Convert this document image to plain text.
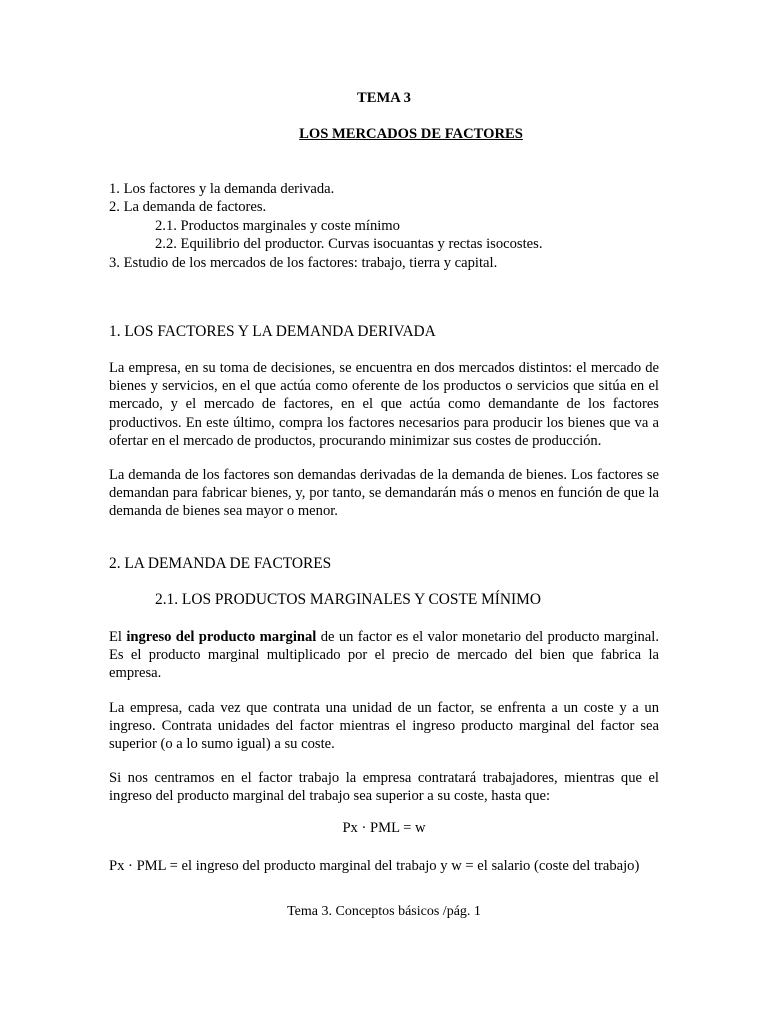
TEMA 3
LOS MERCADOS DE FACTORES
1. Los factores y la demanda derivada.
2. La demanda de factores.
2.1. Productos marginales y coste mínimo
2.2. Equilibrio del productor. Curvas isocuantas y rectas isocostes.
3. Estudio de los mercados de los factores: trabajo, tierra y capital.
1. LOS FACTORES Y LA DEMANDA DERIVADA
La empresa, en su toma de decisiones, se encuentra en dos mercados distintos: el mercado de bienes y servicios, en el que actúa como oferente de los productos o servicios que sitúa en el mercado, y el mercado de factores, en el que actúa como demandante de los factores productivos. En este último, compra los factores necesarios para producir los bienes que va a ofertar en el mercado de productos, procurando minimizar sus costes de producción.
La demanda de los factores son demandas derivadas de la demanda de bienes. Los factores se demandan para fabricar bienes, y, por tanto, se demandarán más o menos en función de que la demanda de bienes sea mayor o menor.
2. LA DEMANDA DE FACTORES
2.1. LOS PRODUCTOS MARGINALES Y COSTE MÍNIMO
El ingreso del producto marginal de un factor es el valor monetario del producto marginal. Es el producto marginal multiplicado por el precio de mercado del bien que fabrica la empresa.
La empresa, cada vez que contrata una unidad de un factor, se enfrenta a un coste y a un ingreso. Contrata unidades del factor mientras el ingreso producto marginal del factor sea superior (o a lo sumo igual) a su coste.
Si nos centramos en el factor trabajo la empresa contratará trabajadores, mientras que el ingreso del producto marginal del trabajo sea superior a su coste, hasta que:
Px · PML = w
Px · PML = el ingreso del producto marginal del trabajo y w = el salario (coste del trabajo)
Tema 3. Conceptos básicos /pág. 1
